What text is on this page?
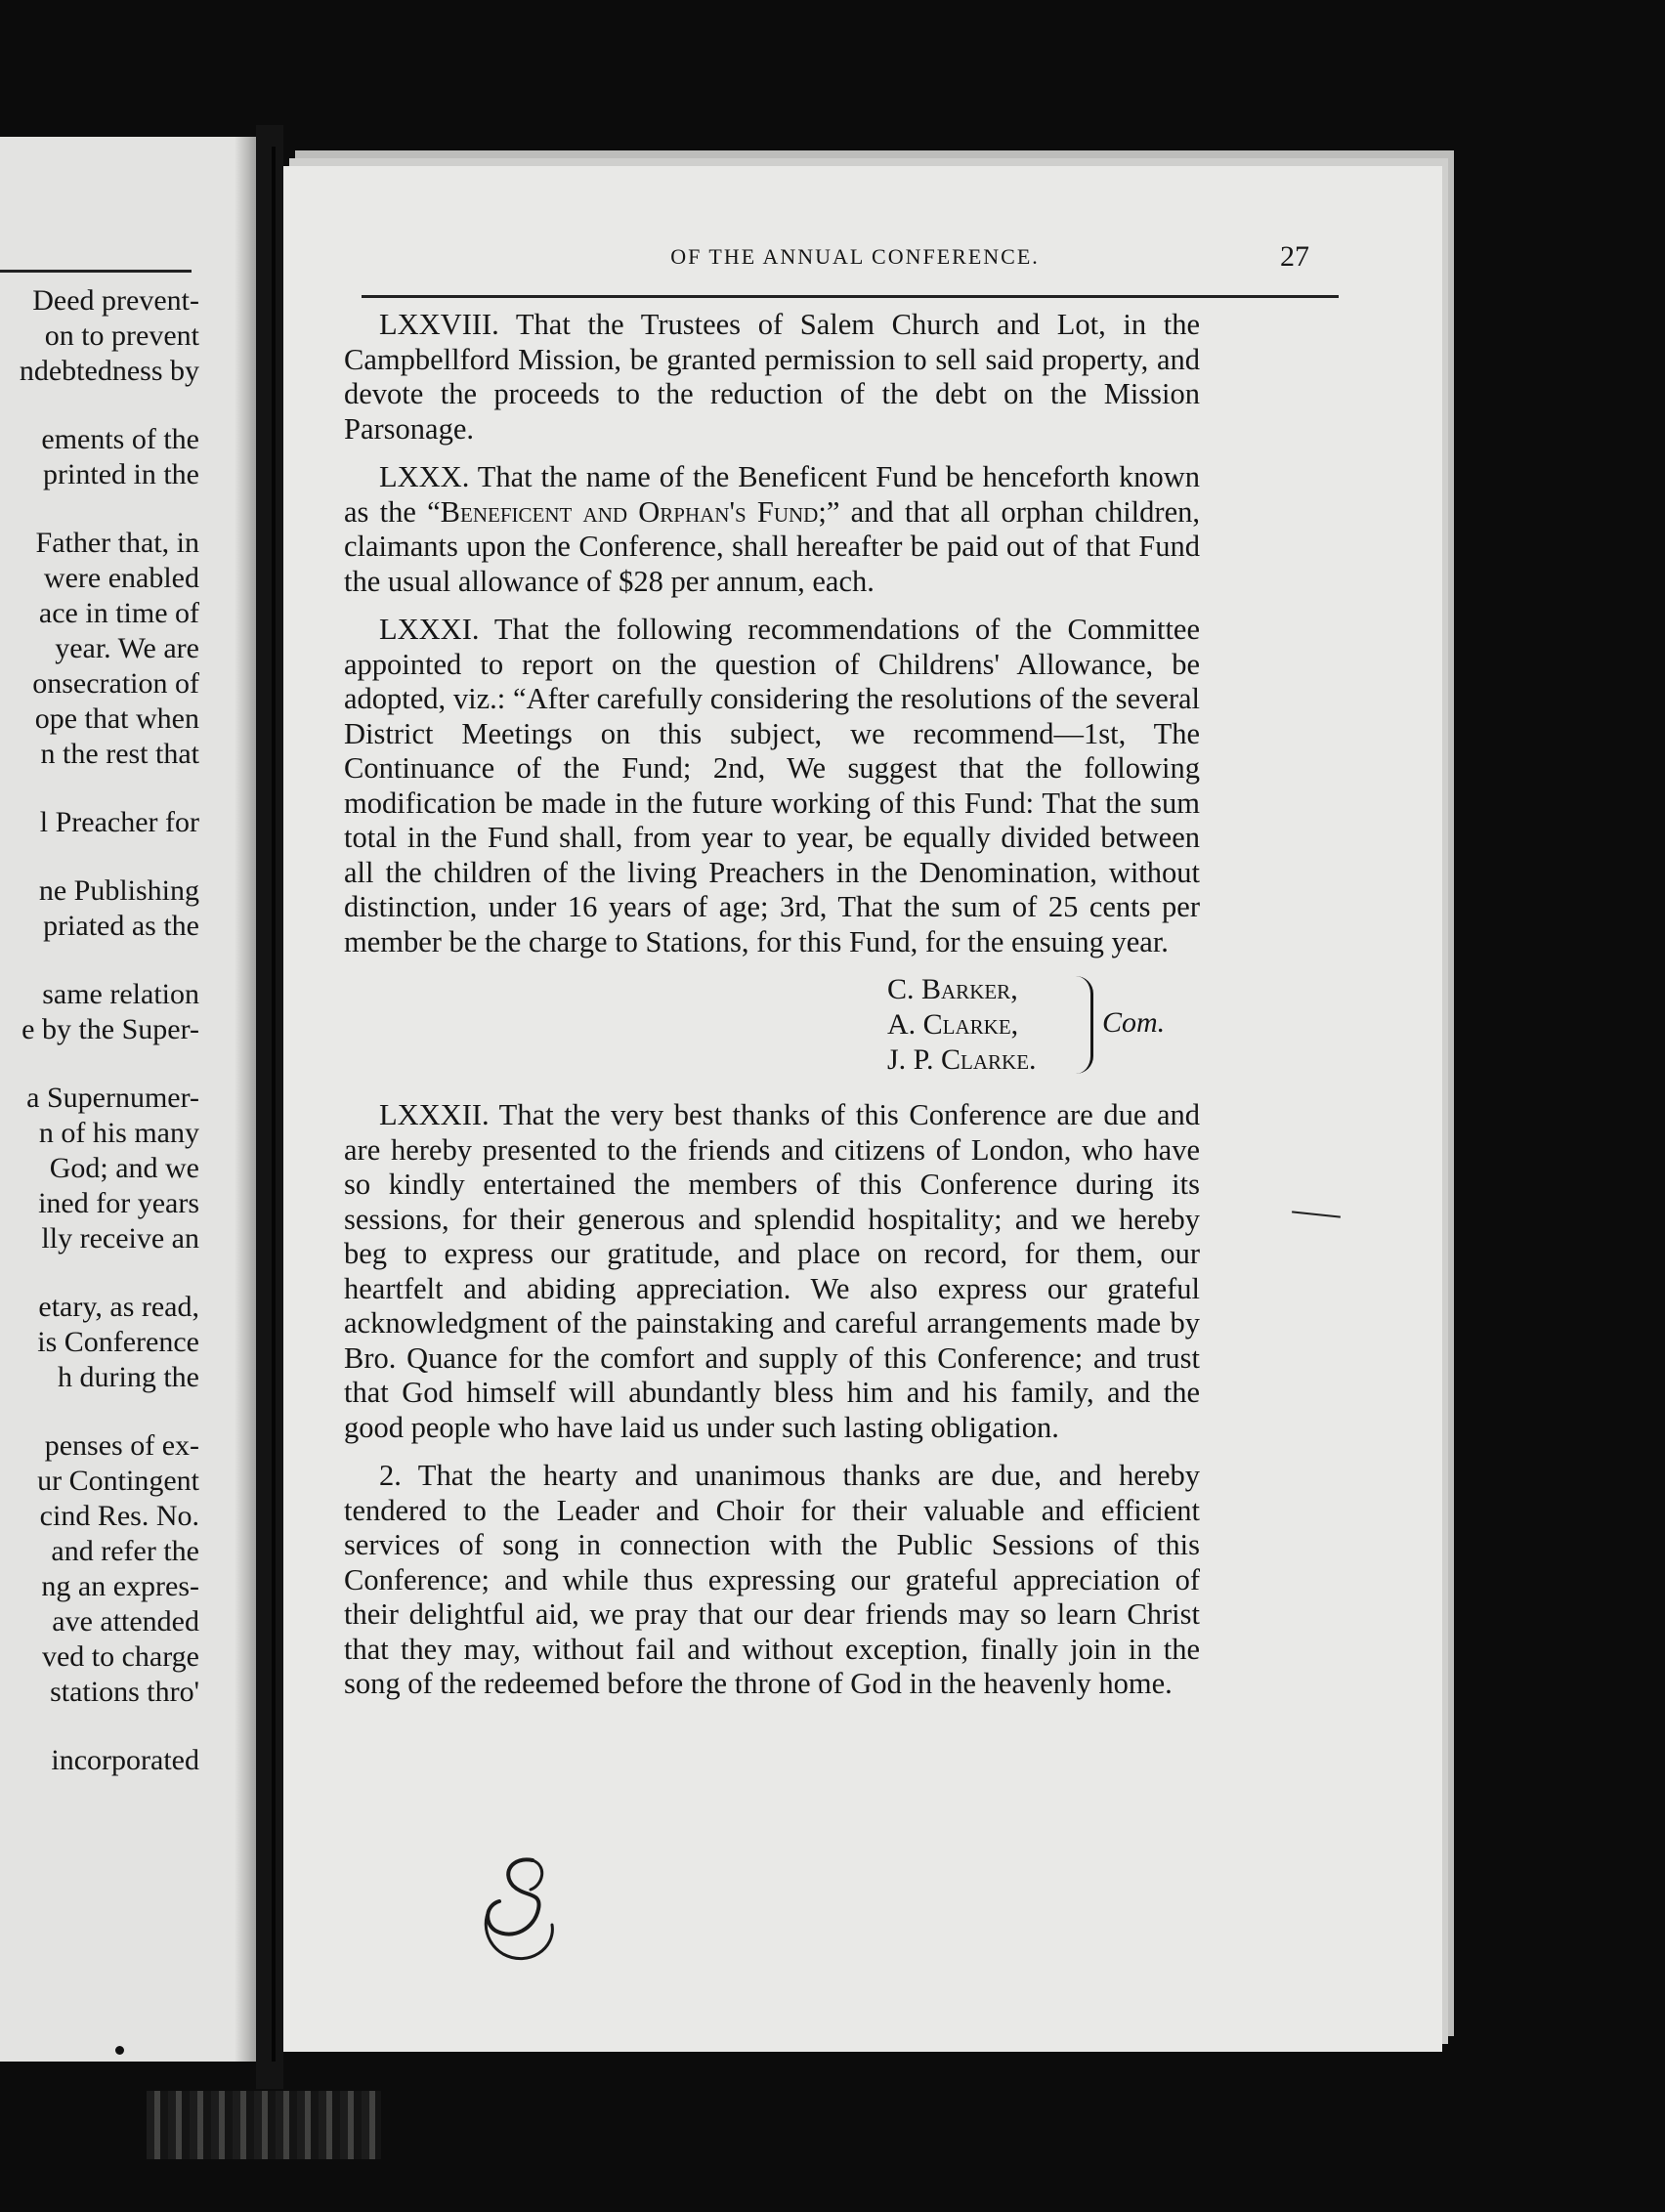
Deed prevent-
on to prevent
ndebtedness by
ements of the
printed in the
Father that, in
were enabled
ace in time of
year. We are
onsecration of
ope that when
n the rest that
l Preacher for
ne Publishing
priated as the
same relation
e by the Super-
a Supernumer-
n of his many
God; and we
ined for years
lly receive an
etary, as read,
is Conference
h during the
penses of ex-
ur Contingent
cind Res. No.
and refer the
ng an expres-
ave attended
ved to charge
stations thro'
incorporated
OF THE ANNUAL CONFERENCE.	27

LXXVIII. That the Trustees of Salem Church and Lot, in the Campbellford Mission, be granted permission to sell said property, and devote the proceeds to the reduction of the debt on the Mission Parsonage.

LXXX. That the name of the Beneficent Fund be henceforth known as the “Beneficent and Orphan's Fund;” and that all orphan children, claimants upon the Conference, shall hereafter be paid out of that Fund the usual allowance of $28 per annum, each.

LXXXI. That the following recommendations of the Committee appointed to report on the question of Childrens' Allowance, be adopted, viz.: “After carefully considering the resolutions of the several District Meetings on this subject, we recommend—1st, The Continuance of the Fund; 2nd, We suggest that the following modification be made in the future working of this Fund: That the sum total in the Fund shall, from year to year, be equally divided between all the children of the living Preachers in the Denomination, without distinction, under 16 years of age; 3rd, That the sum of 25 cents per member be the charge to Stations, for this Fund, for the ensuing year.

C. Barker,
A. Clarke,
J. P. Clarke.
Com.

LXXXII. That the very best thanks of this Conference are due and are hereby presented to the friends and citizens of London, who have so kindly entertained the members of this Conference during its sessions, for their generous and splendid hospitality; and we hereby beg to express our gratitude, and place on record, for them, our heartfelt and abiding appreciation. We also express our grateful acknowledgment of the painstaking and careful arrangements made by Bro. Quance for the comfort and supply of this Conference; and trust that God himself will abundantly bless him and his family, and the good people who have laid us under such lasting obligation.

2. That the hearty and unanimous thanks are due, and hereby tendered to the Leader and Choir for their valuable and efficient services of song in connection with the Public Sessions of this Conference; and while thus expressing our grateful appreciation of their delightful aid, we pray that our dear friends may so learn Christ that they may, without fail and without exception, finally join in the song of the redeemed before the throne of God in the heavenly home.
